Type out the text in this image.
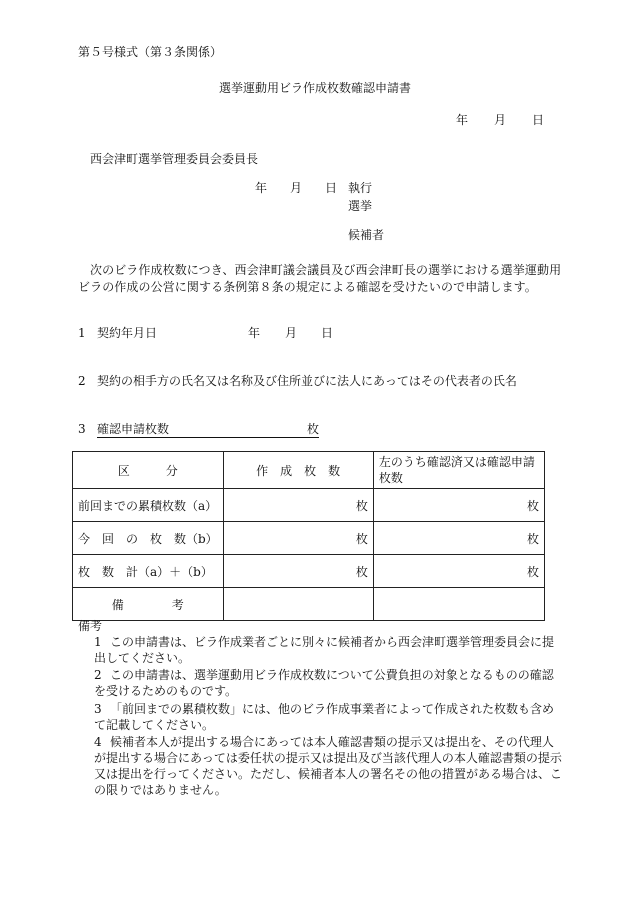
第５号様式（第３条関係）
選挙運動用ビラ作成枚数確認申請書
年 月 日
西会津町選挙管理委員会委員長
年 月 日 執行
選挙
候補者
次のビラ作成枚数につき、西会津町議会議員及び西会津町長の選挙における選挙運動用ビラの作成の公営に関する条例第８条の規定による確認を受けたいので申請します。
1 契約年月日	年 月 日
2 契約の相手方の氏名又は名称及び住所並びに法人にあってはその代表者の氏名
3 確認申請枚数	枚
区　　　分	作　成　枚　数	左のうち確認済又は確認申請枚数
前回までの累積枚数（a）	枚	枚
今　回　の　枚　数（b）	枚	枚
枚　数　計（a）＋（b）	枚	枚
備　　　　考		
備考
1 この申請書は、ビラ作成業者ごとに別々に候補者から西会津町選挙管理委員会に提出してください。
2 この申請書は、選挙運動用ビラ作成枚数について公費負担の対象となるものの確認を受けるためのものです。
3 「前回までの累積枚数」には、他のビラ作成事業者によって作成された枚数も含めて記載してください。
4 候補者本人が提出する場合にあっては本人確認書類の提示又は提出を、その代理人が提出する場合にあっては委任状の提示又は提出及び当該代理人の本人確認書類の提示又は提出を行ってください。ただし、候補者本人の署名その他の措置がある場合は、この限りではありません。
